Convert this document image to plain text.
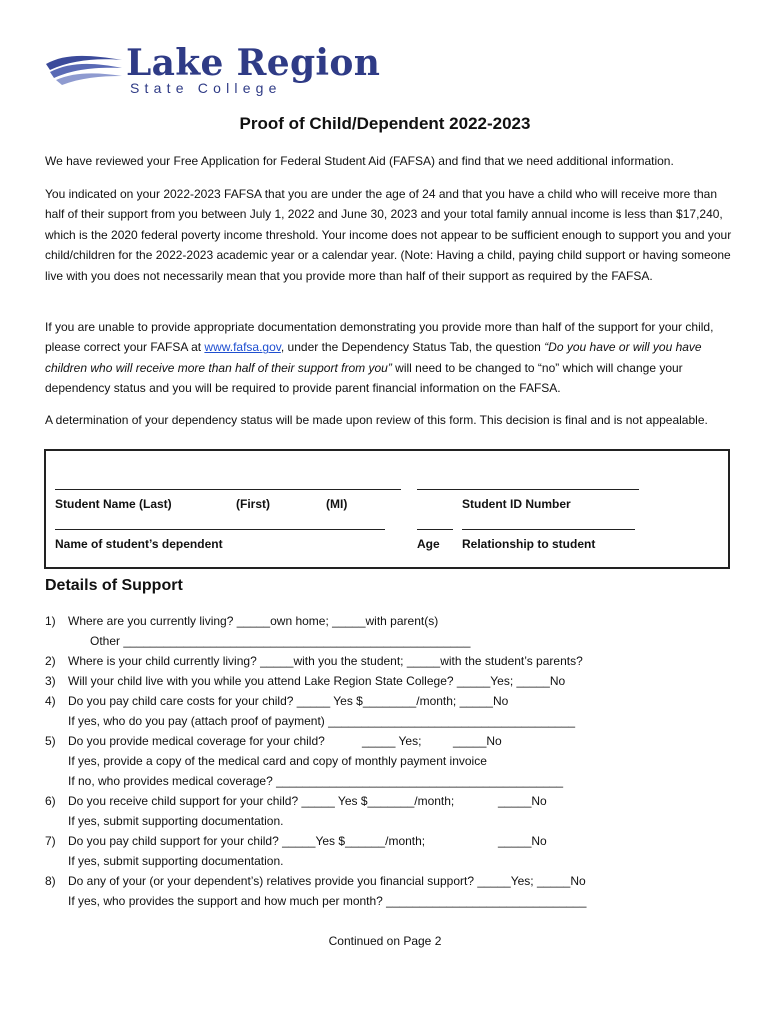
Lake Region
State College
Proof of Child/Dependent 2022-2023
We have reviewed your Free Application for Federal Student Aid (FAFSA) and find that we need additional information.
You indicated on your 2022-2023 FAFSA that you are under the age of 24 and that you have a child who will receive more than half of their support from you between July 1, 2022 and June 30, 2023 and your total family annual income is less than $17,240, which is the 2020 federal poverty income threshold. Your income does not appear to be sufficient enough to support you and your child/children for the 2022-2023 academic year or a calendar year. (Note: Having a child, paying child support or having someone live with you does not necessarily mean that you provide more than half of their support as required by the FAFSA.
If you are unable to provide appropriate documentation demonstrating you provide more than half of the support for your child, please correct your FAFSA at www.fafsa.gov, under the Dependency Status Tab, the question “Do you have or will you have children who will receive more than half of their support from you” will need to be changed to “no” which will change your dependency status and you will be required to provide parent financial information on the FAFSA.
A determination of your dependency status will be made upon review of this form. This decision is final and is not appealable.
Student Name (Last)	(First)	(MI)	Student ID Number
Name of student’s dependent	Age Relationship to student
Details of Support
1) Where are you currently living? _____own home; _____with parent(s)
Other ____________________________________________________
2) Where is your child currently living? _____with you the student; _____with the student’s parents?
3) Will your child live with you while you attend Lake Region State College? _____Yes; _____No
4) Do you pay child care costs for your child? _____ Yes $________/month; _____No
If yes, who do you pay (attach proof of payment) _____________________________________
5) Do you provide medical coverage for your child?	_____ Yes;	_____No
If yes, provide a copy of the medical card and copy of monthly payment invoice
If no, who provides medical coverage? ___________________________________________
6) Do you receive child support for your child? _____ Yes $_______/month;	_____No
If yes, submit supporting documentation.
7) Do you pay child support for your child? _____Yes $______/month;	_____No
If yes, submit supporting documentation.
8) Do any of your (or your dependent’s) relatives provide you financial support? _____Yes; _____No
If yes, who provides the support and how much per month? ______________________________
Continued on Page 2
